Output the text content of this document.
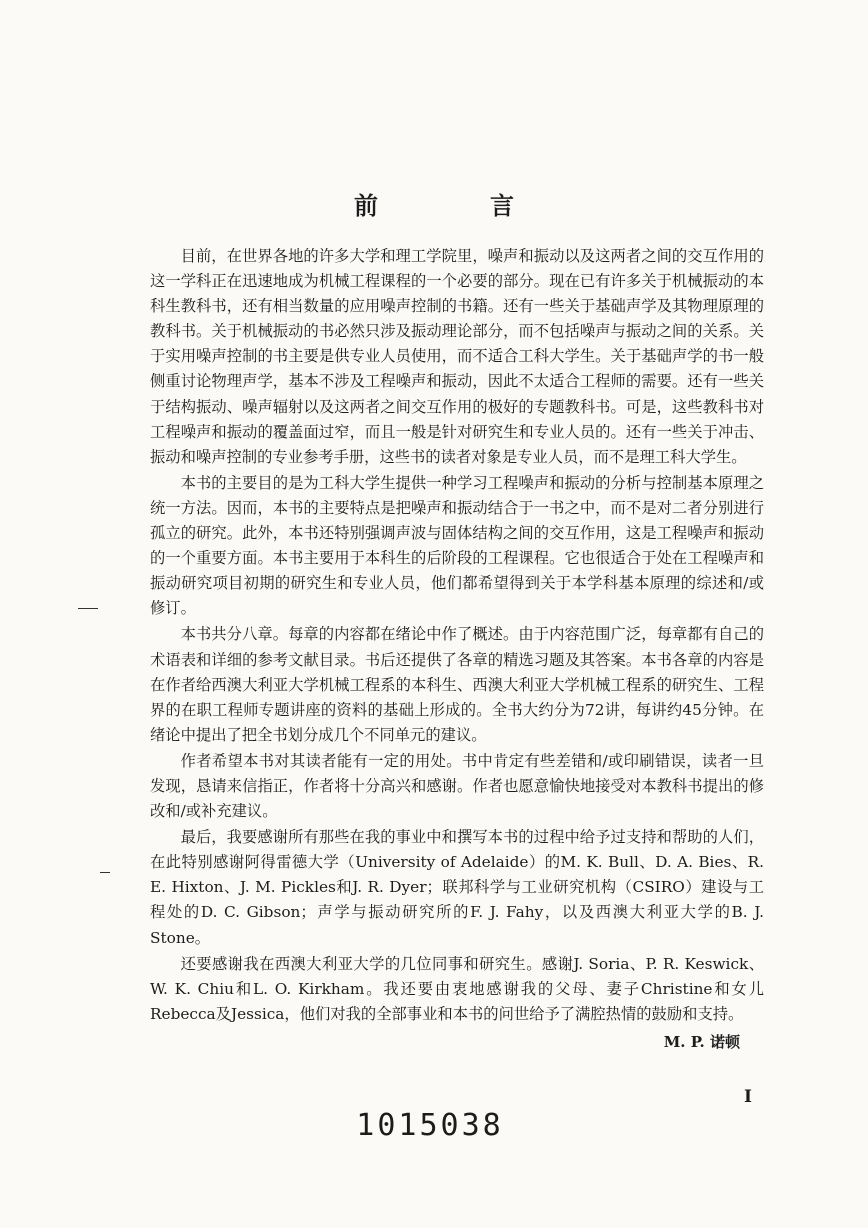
前　言

目前，在世界各地的许多大学和理工学院里，噪声和振动以及这两者之间的交互作用的这一学科正在迅速地成为机械工程课程的一个必要的部分。现在已有许多关于机械振动的本科生教科书，还有相当数量的应用噪声控制的书籍。还有一些关于基础声学及其物理原理的教科书。关于机械振动的书必然只涉及振动理论部分，而不包括噪声与振动之间的关系。关于实用噪声控制的书主要是供专业人员使用，而不适合工科大学生。关于基础声学的书一般侧重讨论物理声学，基本不涉及工程噪声和振动，因此不太适合工程师的需要。还有一些关于结构振动、噪声辐射以及这两者之间交互作用的极好的专题教科书。可是，这些教科书对工程噪声和振动的覆盖面过窄，而且一般是针对研究生和专业人员的。还有一些关于冲击、振动和噪声控制的专业参考手册，这些书的读者对象是专业人员，而不是理工科大学生。

本书的主要目的是为工科大学生提供一种学习工程噪声和振动的分析与控制基本原理之统一方法。因而，本书的主要特点是把噪声和振动结合于一书之中，而不是对二者分别进行孤立的研究。此外，本书还特别强调声波与固体结构之间的交互作用，这是工程噪声和振动的一个重要方面。本书主要用于本科生的后阶段的工程课程。它也很适合于处在工程噪声和振动研究项目初期的研究生和专业人员，他们都希望得到关于本学科基本原理的综述和/或修订。

本书共分八章。每章的内容都在绪论中作了概述。由于内容范围广泛，每章都有自己的术语表和详细的参考文献目录。书后还提供了各章的精选习题及其答案。本书各章的内容是在作者给西澳大利亚大学机械工程系的本科生、西澳大利亚大学机械工程系的研究生、工程界的在职工程师专题讲座的资料的基础上形成的。全书大约分为72讲，每讲约45分钟。在绪论中提出了把全书划分成几个不同单元的建议。

作者希望本书对其读者能有一定的用处。书中肯定有些差错和/或印刷错误，读者一旦发现，恳请来信指正，作者将十分高兴和感谢。作者也愿意愉快地接受对本教科书提出的修改和/或补充建议。

最后，我要感谢所有那些在我的事业中和撰写本书的过程中给予过支持和帮助的人们，在此特别感谢阿得雷德大学（University of Adelaide）的M. K. Bull、D. A. Bies、R. E. Hixton、J. M. Pickles和J. R. Dyer；联邦科学与工业研究机构（CSIRO）建设与工程处的D. C. Gibson；声学与振动研究所的F. J. Fahy，以及西澳大利亚大学的B. J. Stone。

还要感谢我在西澳大利亚大学的几位同事和研究生。感谢J. Soria、P. R. Keswick、W. K. Chiu和L. O. Kirkham。我还要由衷地感谢我的父母、妻子Christine和女儿Rebecca及Jessica，他们对我的全部事业和本书的问世给予了满腔热情的鼓励和支持。

M. P. 诺顿
I
1015038
